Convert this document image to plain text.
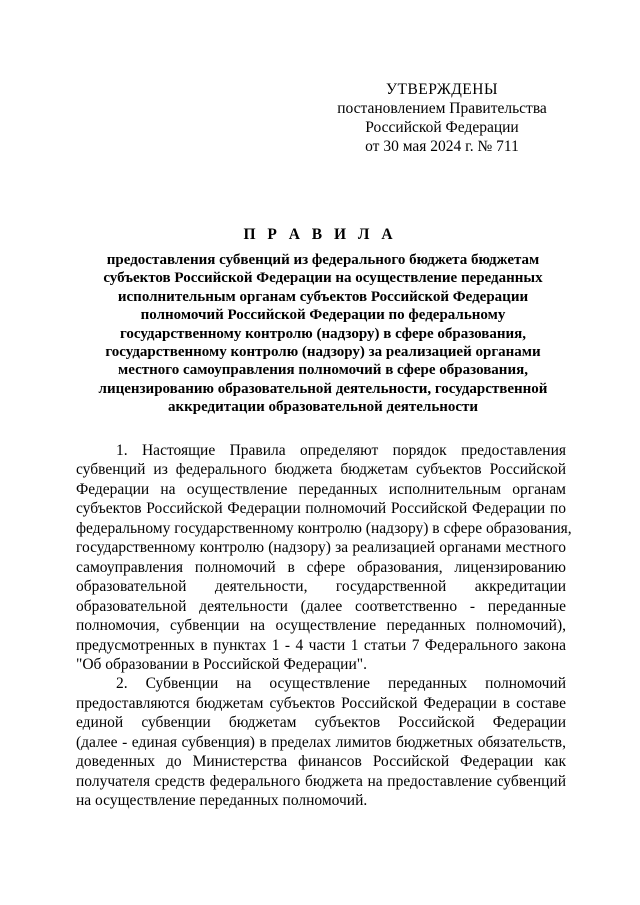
УТВЕРЖДЕНЫ
постановлением Правительства
Российской Федерации
от 30 мая 2024 г. № 711
П Р А В И Л А
предоставления субвенций из федерального бюджета бюджетам
субъектов Российской Федерации на осуществление переданных
исполнительным органам субъектов Российской Федерации
полномочий Российской Федерации по федеральному
государственному контролю (надзору) в сфере образования,
государственному контролю (надзору) за реализацией органами
местного самоуправления полномочий в сфере образования,
лицензированию образовательной деятельности, государственной
аккредитации образовательной деятельности
1. Настоящие Правила определяют порядок предоставления
субвенций из федерального бюджета бюджетам субъектов Российской
Федерации на осуществление переданных исполнительным органам
субъектов Российской Федерации полномочий Российской Федерации по
федеральному государственному контролю (надзору) в сфере образования,
государственному контролю (надзору) за реализацией органами местного
самоуправления полномочий в сфере образования, лицензированию
образовательной деятельности, государственной аккредитации
образовательной деятельности (далее соответственно - переданные
полномочия, субвенции на осуществление переданных полномочий),
предусмотренных в пунктах 1 - 4 части 1 статьи 7 Федерального закона
"Об образовании в Российской Федерации".
2. Субвенции на осуществление переданных полномочий
предоставляются бюджетам субъектов Российской Федерации в составе
единой субвенции бюджетам субъектов Российской Федерации
(далее - единая субвенция) в пределах лимитов бюджетных обязательств,
доведенных до Министерства финансов Российской Федерации как
получателя средств федерального бюджета на предоставление субвенций
на осуществление переданных полномочий.
